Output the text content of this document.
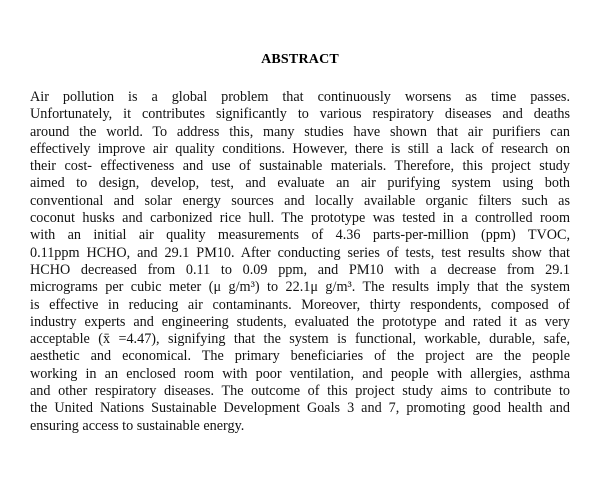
ABSTRACT
Air pollution is a global problem that continuously worsens as time passes.
Unfortunately, it contributes significantly to various respiratory diseases and deaths
around the world. To address this, many studies have shown that air purifiers can
effectively improve air quality conditions. However, there is still a lack of research on
their cost- effectiveness and use of sustainable materials. Therefore, this project study
aimed to design, develop, test, and evaluate an air purifying system using both
conventional and solar energy sources and locally available organic filters such as
coconut husks and carbonized rice hull. The prototype was tested in a controlled room
with an initial air quality measurements of 4.36 parts-per-million (ppm) TVOC,
0.11ppm HCHO, and 29.1 PM10. After conducting series of tests, test results show that
HCHO decreased from 0.11 to 0.09 ppm, and PM10 with a decrease from 29.1
micrograms per cubic meter (μ g/m³) to 22.1μ g/m³. The results imply that the system
is effective in reducing air contaminants. Moreover, thirty respondents, composed of
industry experts and engineering students, evaluated the prototype and rated it as very
acceptable (x̄ =4.47), signifying that the system is functional, workable, durable, safe,
aesthetic and economical. The primary beneficiaries of the project are the people
working in an enclosed room with poor ventilation, and people with allergies, asthma
and other respiratory diseases. The outcome of this project study aims to contribute to
the United Nations Sustainable Development Goals 3 and 7, promoting good health and
ensuring access to sustainable energy.
